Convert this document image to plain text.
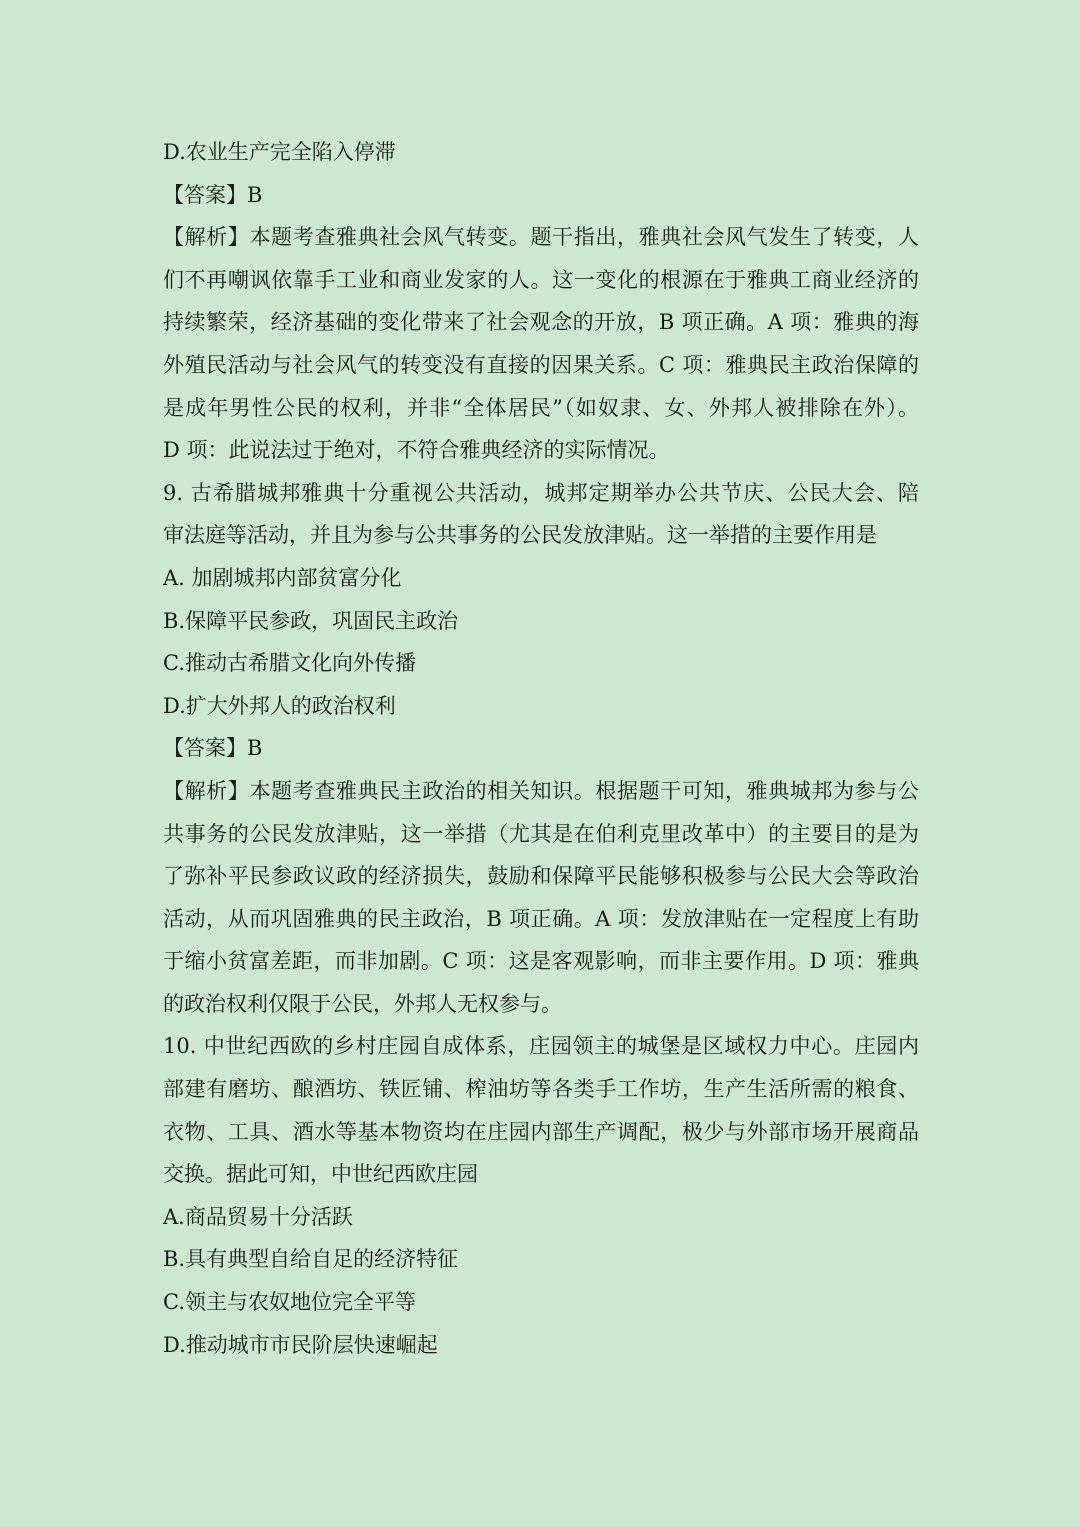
D.农业生产完全陷入停滞
【答案】B
【解析】本题考查雅典社会风气转变。题干指出，雅典社会风气发生了转变，人
们不再嘲讽依靠手工业和商业发家的人。这一变化的根源在于雅典工商业经济的
持续繁荣，经济基础的变化带来了社会观念的开放，B 项正确。A 项：雅典的海
外殖民活动与社会风气的转变没有直接的因果关系。C 项：雅典民主政治保障的
是成年男性公民的权利，并非“全体居民”（如奴隶、女、外邦人被排除在外）。
D 项：此说法过于绝对，不符合雅典经济的实际情况。
9. 古希腊城邦雅典十分重视公共活动，城邦定期举办公共节庆、公民大会、陪
审法庭等活动，并且为参与公共事务的公民发放津贴。这一举措的主要作用是
A. 加剧城邦内部贫富分化
B.保障平民参政，巩固民主政治
C.推动古希腊文化向外传播
D.扩大外邦人的政治权利
【答案】B
【解析】本题考查雅典民主政治的相关知识。根据题干可知，雅典城邦为参与公
共事务的公民发放津贴，这一举措（尤其是在伯利克里改革中）的主要目的是为
了弥补平民参政议政的经济损失，鼓励和保障平民能够积极参与公民大会等政治
活动，从而巩固雅典的民主政治，B 项正确。A 项：发放津贴在一定程度上有助
于缩小贫富差距，而非加剧。C 项：这是客观影响，而非主要作用。D 项：雅典
的政治权利仅限于公民，外邦人无权参与。
10. 中世纪西欧的乡村庄园自成体系，庄园领主的城堡是区域权力中心。庄园内
部建有磨坊、酿酒坊、铁匠铺、榨油坊等各类手工作坊，生产生活所需的粮食、
衣物、工具、酒水等基本物资均在庄园内部生产调配，极少与外部市场开展商品
交换。据此可知，中世纪西欧庄园
A.商品贸易十分活跃
B.具有典型自给自足的经济特征
C.领主与农奴地位完全平等
D.推动城市市民阶层快速崛起
